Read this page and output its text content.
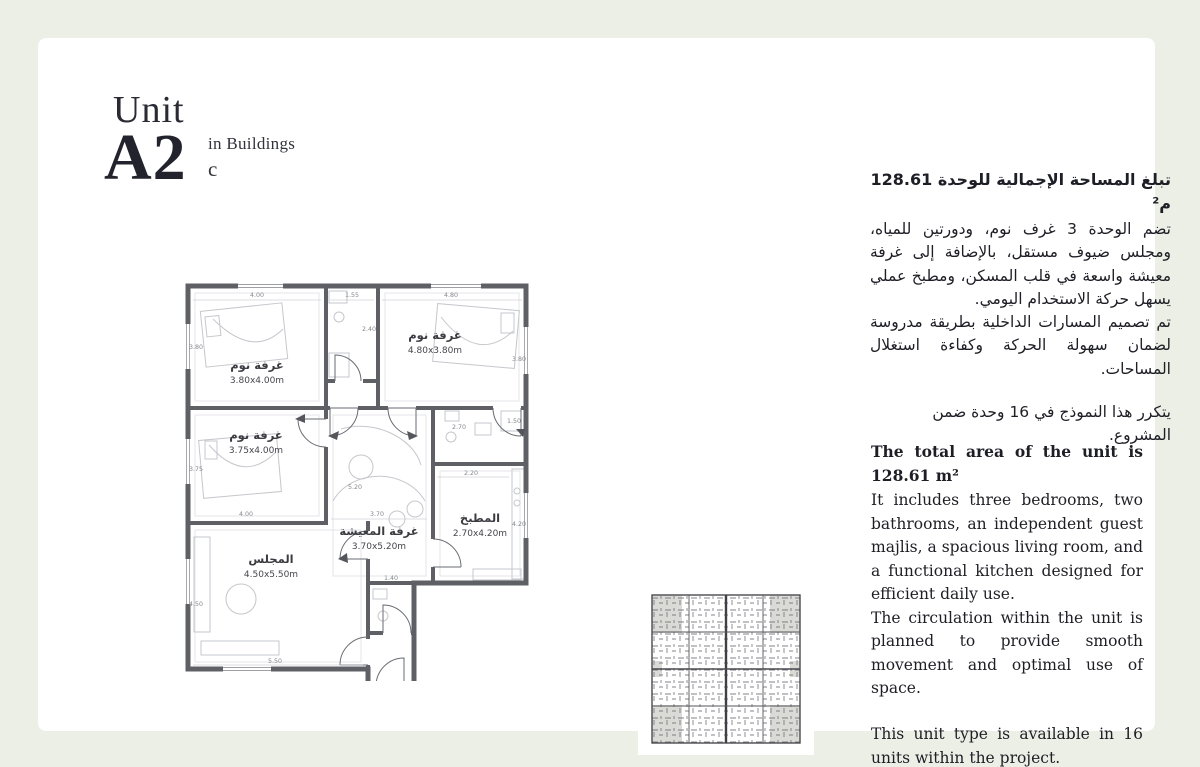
Unit
A2 in Buildings
c
4.00	1.55	4.80
3.80
2.40
3.80
3.75
4.00
2.70
1.50
2.20
4.20
5.20
3.70
1.40
4.50
5.50
غرفة نوم
3.80x4.00m
غرفة نوم
4.80x3.80m
غرفة نوم
3.75x4.00m
غرفة المعيشة
3.70x5.20m
المجلس
4.50x5.50m
المطبخ
2.70x4.20m
تبلغ المساحة الإجمالية للوحدة 128.61 م²
تضم الوحدة 3 غرف نوم، ودورتين للمياه، ومجلس ضيوف مستقل، بالإضافة إلى غرفة معيشة واسعة في قلب المسكن، ومطبخ عملي يسهل حركة الاستخدام اليومي.
تم تصميم المسارات الداخلية بطريقة مدروسة لضمان سهولة الحركة وكفاءة استغلال المساحات.
يتكرر هذا النموذج في 16 وحدة ضمن المشروع.
The total area of the unit is 128.61 m²
It includes three bedrooms, two bathrooms, an independent guest majlis, a spacious living room, and a functional kitchen designed for efficient daily use.
The circulation within the unit is planned to provide smooth movement and optimal use of space.
This unit type is available in 16 units within the project.
